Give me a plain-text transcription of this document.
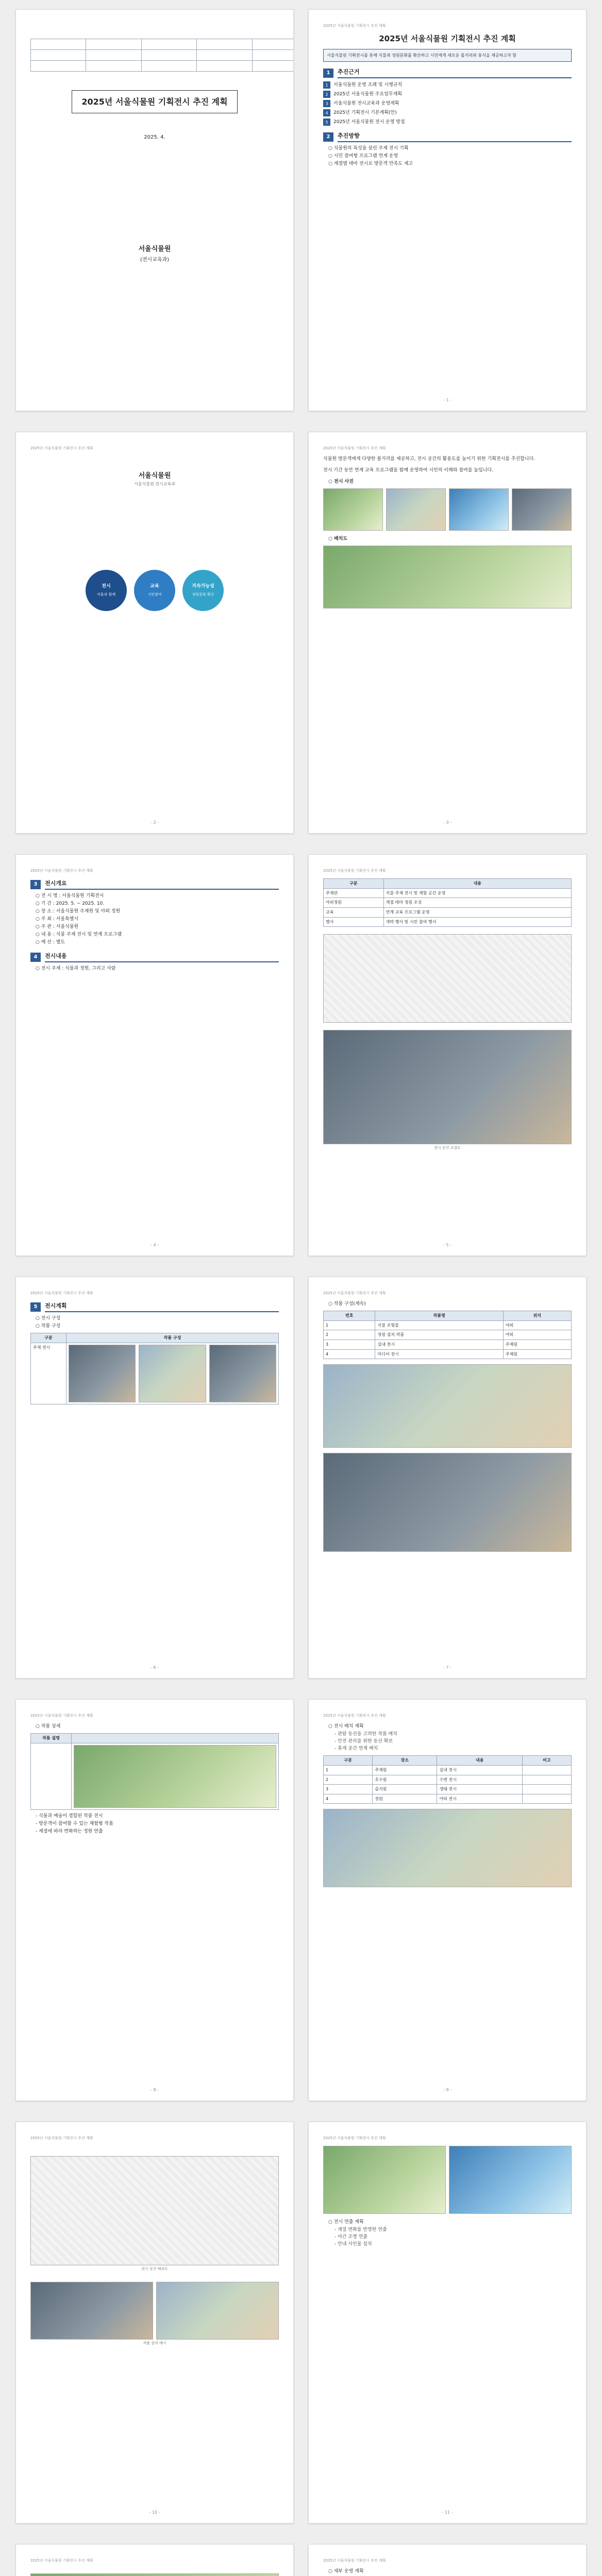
2025년 서울식물원 기획전시 추진 계획
2025. 4.
서울식물원
(전시교육과)
2025년 서울식물원 기획전시 추진 계획
2025년 서울식물원 기획전시 추진 계획
서울식물원 기획전시를 통해 식물과 정원문화를 확산하고 시민에게 새로운 볼거리와 휴식을 제공하고자 함
1	추진근거
1	서울식물원 운영 조례 및 시행규칙
2	2025년 서울식물원 주요업무계획
3	서울식물원 전시교육과 운영계획
4	2025년 기획전시 기본계획(안)
5	2025년 서울식물원 전시 운영 방침
2	추진방향
○ 식물원의 특성을 살린 주제 전시 기획
○ 시민 참여형 프로그램 연계 운영
○ 계절별 테마 전시로 방문객 만족도 제고
- 1 -
2025년 서울식물원 기획전시 추진 계획
서울식물원
서울식물원 전시교육과
전시
식물과 함께
교육
시민참여
지속가능성
정원문화 확산
- 2 -
2025년 서울식물원 기획전시 추진 계획

식물원 방문객에게 다양한 볼거리를 제공하고, 전시 공간의 활용도를 높이기 위한 기획전시를 추진합니다.

전시 기간 동안 연계 교육 프로그램을 함께 운영하여 시민의 이해와 참여를 높입니다.

○ 전시 사진
○ 배치도
- 3 -
2025년 서울식물원 기획전시 추진 계획
3	전시개요
○ 전 시 명 : 서울식물원 기획전시
○ 기 간 : 2025. 5. ~ 2025. 10.
○ 장 소 : 서울식물원 주제원 및 야외 정원
○ 주 최 : 서울특별시
○ 주 관 : 서울식물원
○ 내 용 : 식물 주제 전시 및 연계 프로그램
○ 예 산 : 별도
4	전시내용
○ 전시 주제 : 식물과 정원, 그리고 사람
- 4 -
2025년 서울식물원 기획전시 추진 계획
구분	내용
주제관	식물 주제 전시 및 체험 공간 운영
야외정원	계절 테마 정원 조성
교육	연계 교육 프로그램 운영
행사	개막 행사 및 시민 참여 행사
전시 공간 조감도
- 5 -
2025년 서울식물원 기획전시 추진 계획
5	전시계획
○ 전시 구성
○ 작품 구성
구분	작품 구성
주제 전시	
- 6 -
2025년 서울식물원 기획전시 추진 계획
○ 작품 구성(계속)
번호	작품명	위치
1	식물 조형물	야외
2	정원 설치 작품	야외
3	실내 전시	주제원
4	미디어 전시	주제원
- 7 -
2025년 서울식물원 기획전시 추진 계획
○ 작품 상세
작품 설명	

- 식물과 예술이 결합된 작품 전시
- 방문객이 참여할 수 있는 체험형 작품
- 계절에 따라 변화하는 정원 연출
- 8 -
2025년 서울식물원 기획전시 추진 계획
○ 전시 배치 계획
- 관람 동선을 고려한 작품 배치
- 안전 관리를 위한 동선 확보
- 휴게 공간 연계 배치
구분	장소	내용	비고
1	주제원	실내 전시	
2	호수원	수변 전시	
3	습지원	생태 전시	
4	정원	야외 전시	
- 9 -
2025년 서울식물원 기획전시 추진 계획
전시 공간 배치도
작품 설치 예시
- 10 -
2025년 서울식물원 기획전시 추진 계획
○ 전시 연출 계획
- 계절 변화를 반영한 연출
- 야간 조명 연출
- 안내 사인물 설치
- 11 -
2025년 서울식물원 기획전시 추진 계획	2025년 서울식물원 기획전시 추진 계획
○ 세부 운영 계획
